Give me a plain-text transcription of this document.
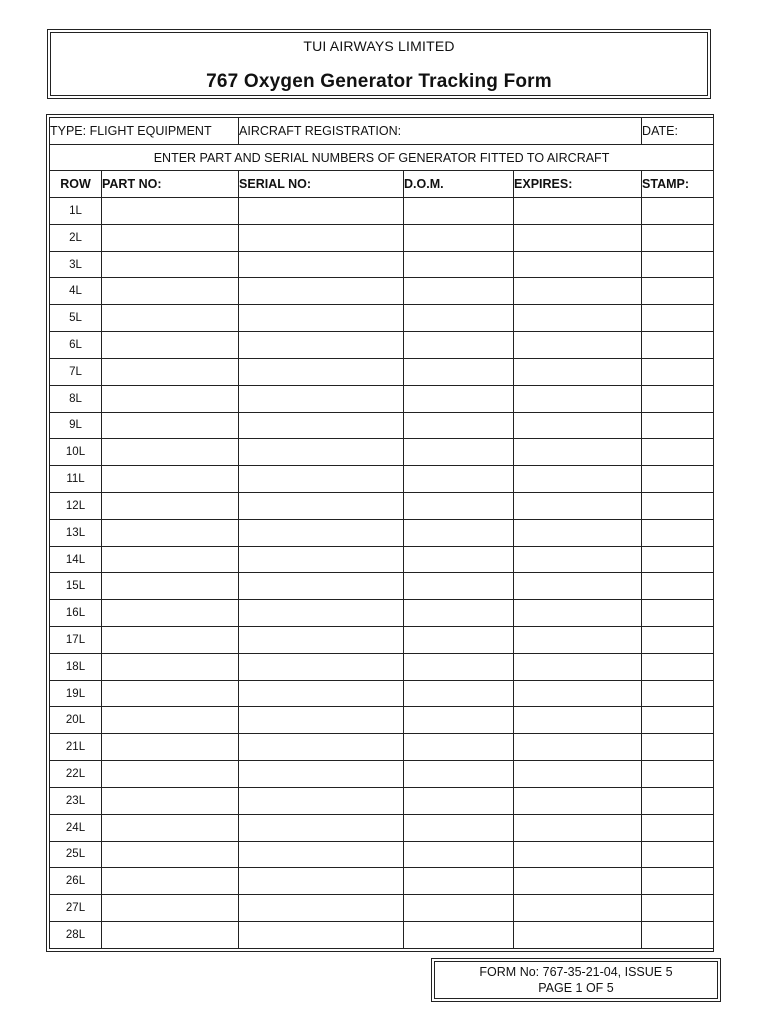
TUI AIRWAYS LIMITED
767 Oxygen Generator Tracking Form
TYPE: FLIGHT EQUIPMENT		AIRCRAFT REGISTRATION:			DATE:
ENTER PART AND SERIAL NUMBERS OF GENERATOR FITTED TO AIRCRAFT					
ROW	PART NO:	SERIAL NO:	D.O.M.	EXPIRES:	STAMP:
1L					
2L					
3L					
4L					
5L					
6L					
7L					
8L					
9L					
10L					
11L					
12L					
13L					
14L					
15L					
16L					
17L					
18L					
19L					
20L					
21L					
22L					
23L					
24L					
25L					
26L					
27L					
28L					
FORM No: 767-35-21-04, ISSUE 5
PAGE 1 OF 5
